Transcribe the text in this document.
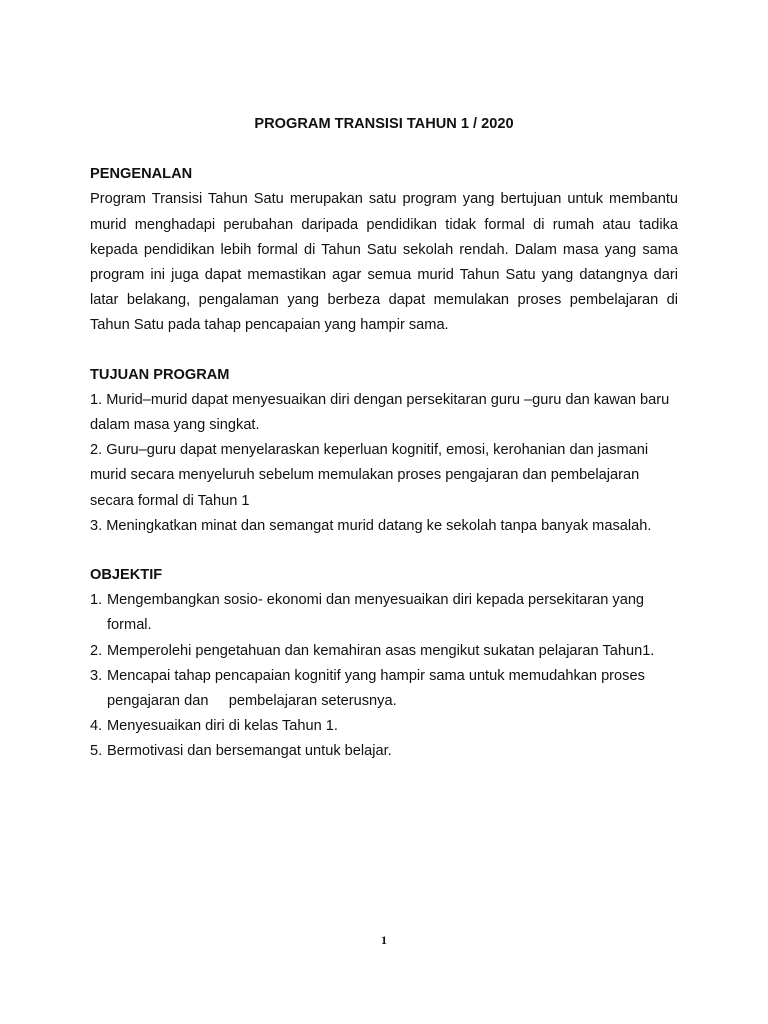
PROGRAM TRANSISI TAHUN 1 / 2020
PENGENALAN

Program Transisi Tahun Satu merupakan satu program yang bertujuan untuk membantu murid menghadapi perubahan daripada pendidikan tidak formal di rumah atau tadika kepada pendidikan lebih formal di Tahun Satu sekolah rendah. Dalam masa yang sama program ini juga dapat memastikan agar semua murid Tahun Satu yang datangnya dari latar belakang, pengalaman yang berbeza dapat memulakan proses pembelajaran di Tahun Satu pada tahap pencapaian yang hampir sama.

TUJUAN PROGRAM

1. Murid–murid dapat menyesuaikan diri dengan persekitaran guru –guru dan kawan baru dalam masa yang singkat.

2. Guru–guru dapat menyelaraskan keperluan kognitif, emosi, kerohanian dan jasmani murid secara menyeluruh sebelum memulakan proses pengajaran dan pembelajaran secara formal di Tahun 1

3. Meningkatkan minat dan semangat murid datang ke sekolah tanpa banyak masalah.

OBJEKTIF
1. Mengembangkan sosio- ekonomi dan menyesuaikan diri kepada persekitaran yang formal.
2. Memperolehi pengetahuan dan kemahiran asas mengikut sukatan pelajaran Tahun1.
3. Mencapai tahap pencapaian kognitif yang hampir sama untuk memudahkan proses pengajaran dan     pembelajaran seterusnya.
4. Menyesuaikan diri di kelas Tahun 1.
5. Bermotivasi dan bersemangat untuk belajar.
1
